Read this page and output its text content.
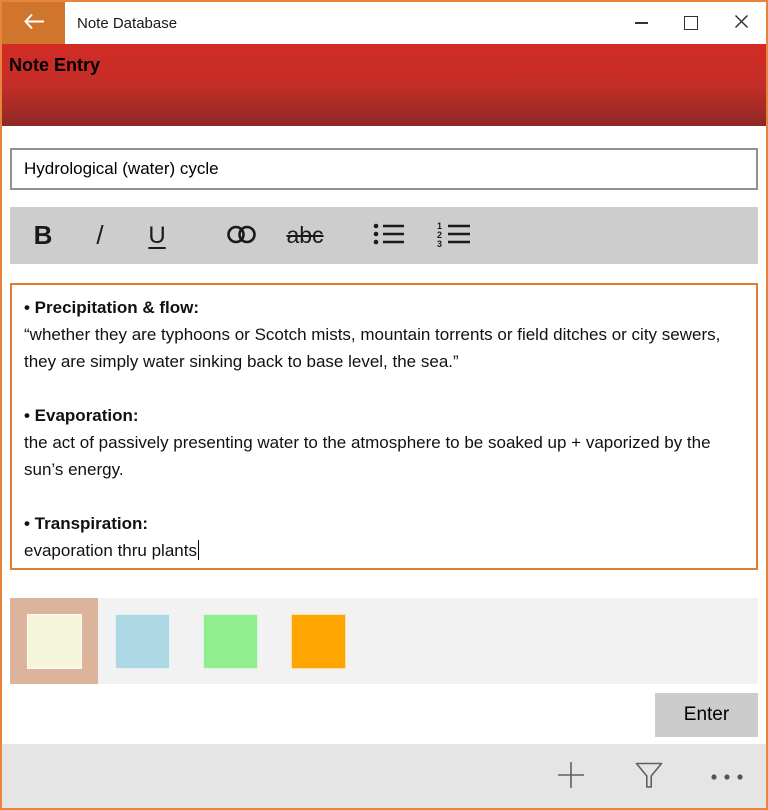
Note Database
Note Entry
Hydrological (water) cycle
B	/	U	abc	1
2
3

• Precipitation & flow:
“whether they are typhoons or Scotch mists, mountain torrents or field ditches or city sewers, they are simply water sinking back to base level, the sea.”

• Evaporation:
the act of passively presenting water to the atmosphere to be soaked up + vaporized by the sun’s energy.

• Transpiration:
evaporation thru plants

Enter
